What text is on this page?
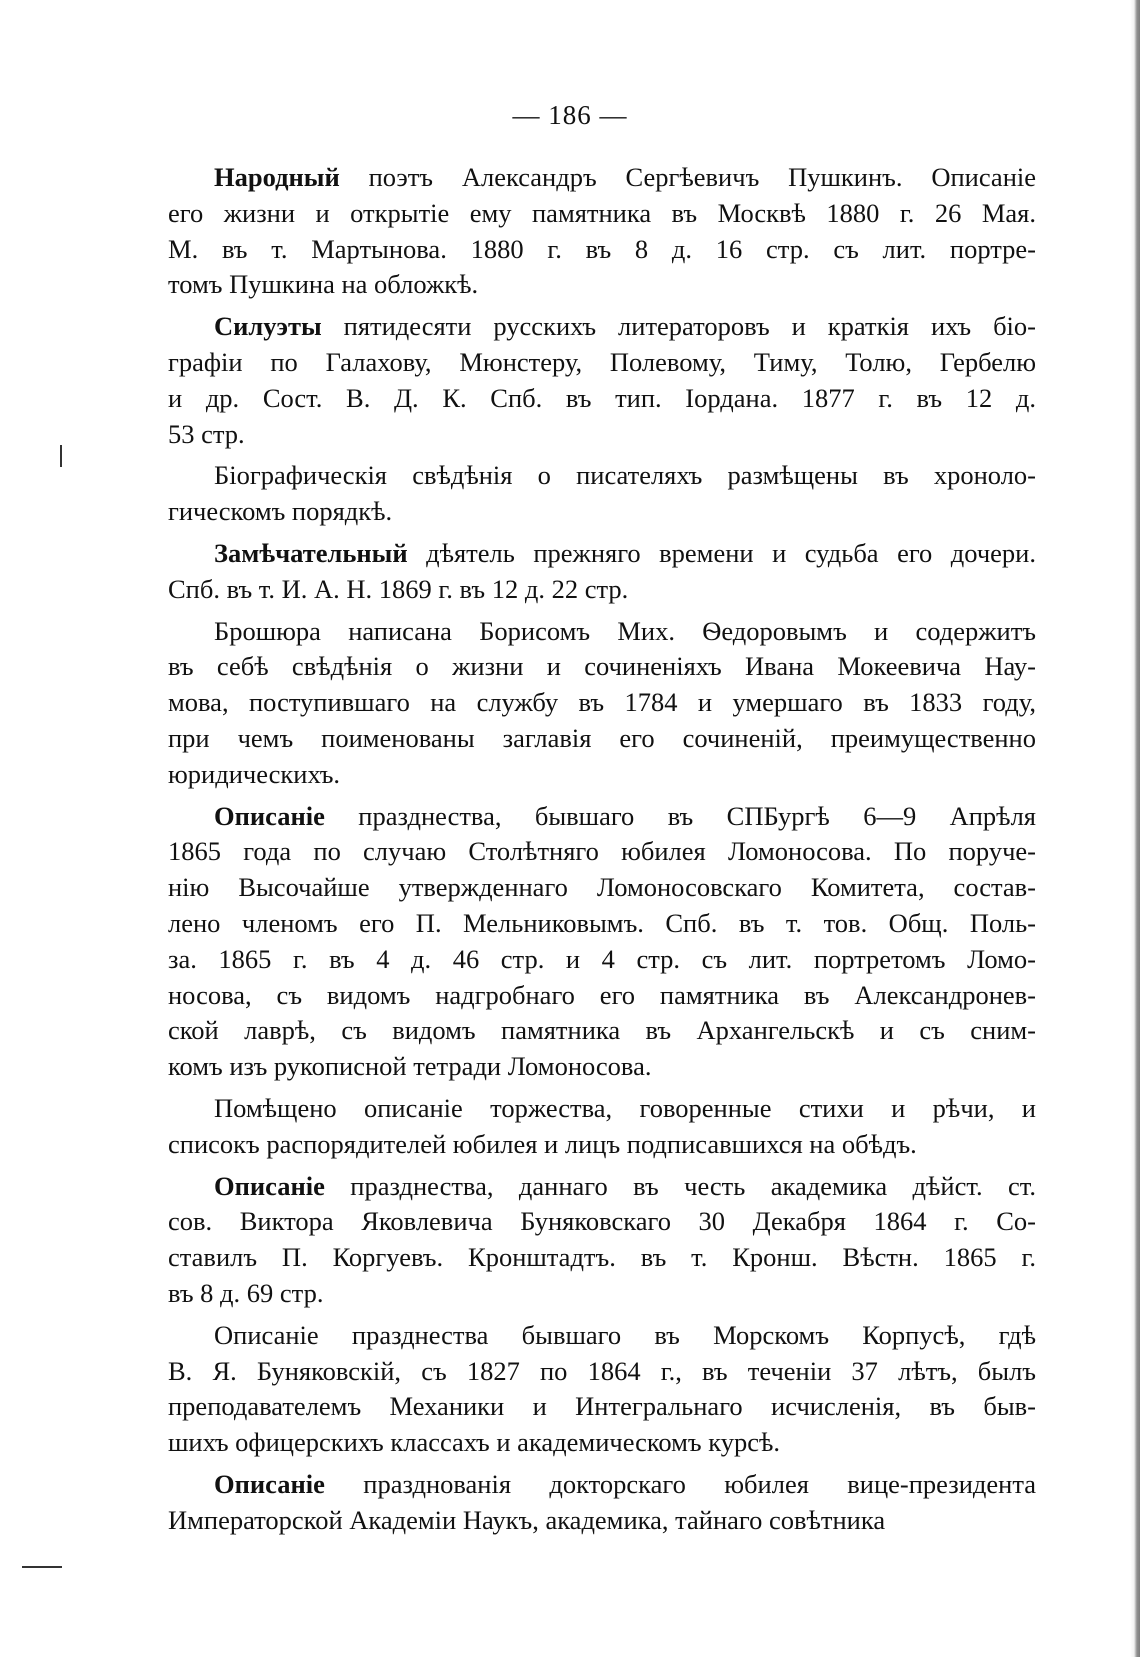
— 186 —

Народный поэтъ Александръ Сергѣевичъ Пушкинъ. Описаніе
его жизни и открытіе ему памятника въ Москвѣ 1880 г. 26 Мая.
М. въ т. Мартынова. 1880 г. въ 8 д. 16 стр. съ лит. портре-
томъ Пушкина на обложкѣ.

Силуэты пятидесяти русскихъ литераторовъ и краткія ихъ біо-
графіи по Галахову, Мюнстеру, Полевому, Тиму, Толю, Гербелю
и др. Сост. В. Д. К. Спб. въ тип. Іордана. 1877 г. въ 12 д.
53 стр.

Біографическія свѣдѣнія о писателяхъ размѣщены въ хроноло-
гическомъ порядкѣ.

Замѣчательный дѣятель прежняго времени и судьба его дочери.
Спб. въ т. И. А. Н. 1869 г. въ 12 д. 22 стр.

Брошюра написана Борисомъ Мих. Ѳедоровымъ и содержитъ
въ себѣ свѣдѣнія о жизни и сочиненіяхъ Ивана Мокеевича Нау-
мова, поступившаго на службу въ 1784 и умершаго въ 1833 году,
при чемъ поименованы заглавія его сочиненій, преимущественно
юридическихъ.

Описаніе празднества, бывшаго въ СПБургѣ 6—9 Апрѣля
1865 года по случаю Столѣтняго юбилея Ломоносова. По поруче-
нію Высочайше утвержденнаго Ломоносовскаго Комитета, состав-
лено членомъ его П. Мельниковымъ. Спб. въ т. тов. Общ. Поль-
за. 1865 г. въ 4 д. 46 стр. и 4 стр. съ лит. портретомъ Ломо-
носова, съ видомъ надгробнаго его памятника въ Александронев-
ской лаврѣ, съ видомъ памятника въ Архангельскѣ и съ сним-
комъ изъ рукописной тетради Ломоносова.

Помѣщено описаніе торжества, говоренные стихи и рѣчи, и
списокъ распорядителей юбилея и лицъ подписавшихся на обѣдъ.

Описаніе празднества, даннаго въ честь академика дѣйст. ст.
сов. Виктора Яковлевича Буняковскаго 30 Декабря 1864 г. Со-
ставилъ П. Коргуевъ. Кронштадтъ. въ т. Кронш. Вѣстн. 1865 г.
въ 8 д. 69 стр.

Описаніе празднества бывшаго въ Морскомъ Корпусѣ, гдѣ
В. Я. Буняковскій, съ 1827 по 1864 г., въ теченіи 37 лѣтъ, былъ
преподавателемъ Механики и Интегральнаго исчисленія, въ быв-
шихъ офицерскихъ классахъ и академическомъ курсѣ.

Описаніе празднованія докторскаго юбилея вице-президента
Императорской Академіи Наукъ, академика, тайнаго совѣтника
